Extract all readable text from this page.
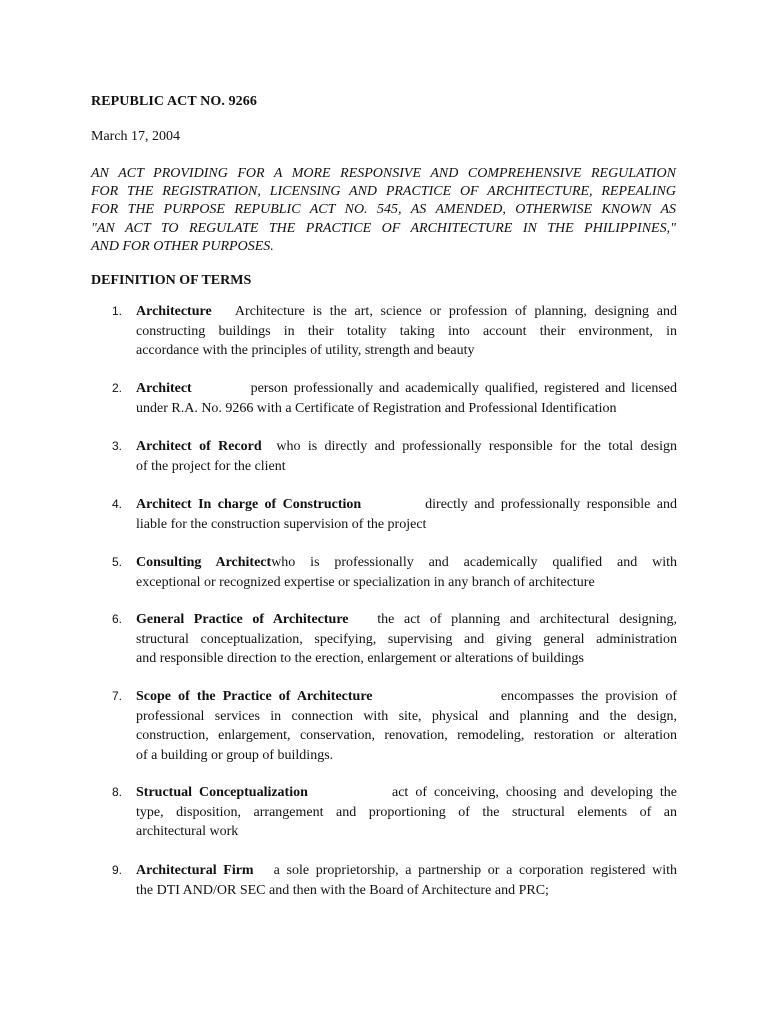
REPUBLIC ACT NO. 9266
March 17, 2004
AN ACT PROVIDING FOR A MORE RESPONSIVE AND COMPREHENSIVE REGULATION
FOR THE REGISTRATION, LICENSING AND PRACTICE OF ARCHITECTURE, REPEALING
FOR THE PURPOSE REPUBLIC ACT NO. 545, AS AMENDED, OTHERWISE KNOWN AS
"AN ACT TO REGULATE THE PRACTICE OF ARCHITECTURE IN THE PHILIPPINES,"
AND FOR OTHER PURPOSES.
DEFINITION OF TERMS
1. Architecture Architecture is the art, science or profession of planning, designing and
constructing buildings in their totality taking into account their environment, in
accordance with the principles of utility, strength and beauty
2. Architect	person professionally and academically qualified, registered and licensed
under R.A. No. 9266 with a Certificate of Registration and Professional Identification
3. Architect of Record who is directly and professionally responsible for the total design
of the project for the client
4. Architect In charge of Construction	directly and professionally responsible and
liable for the construction supervision of the project
5. Consulting Architectwho is professionally and academically qualified and with
exceptional or recognized expertise or specialization in any branch of architecture
6. General Practice of Architecture the act of planning and architectural designing,
structural conceptualization, specifying, supervising and giving general administration
and responsible direction to the erection, enlargement or alterations of buildings
7. Scope of the Practice of Architecture	encompasses the provision of
professional services in connection with site, physical and planning and the design,
construction, enlargement, conservation, renovation, remodeling, restoration or alteration
of a building or group of buildings.
8. Structual Conceptualization	act of conceiving, choosing and developing the
type, disposition, arrangement and proportioning of the structural elements of an
architectural work
9. Architectural Firm a sole proprietorship, a partnership or a corporation registered with
the DTI AND/OR SEC and then with the Board of Architecture and PRC;
